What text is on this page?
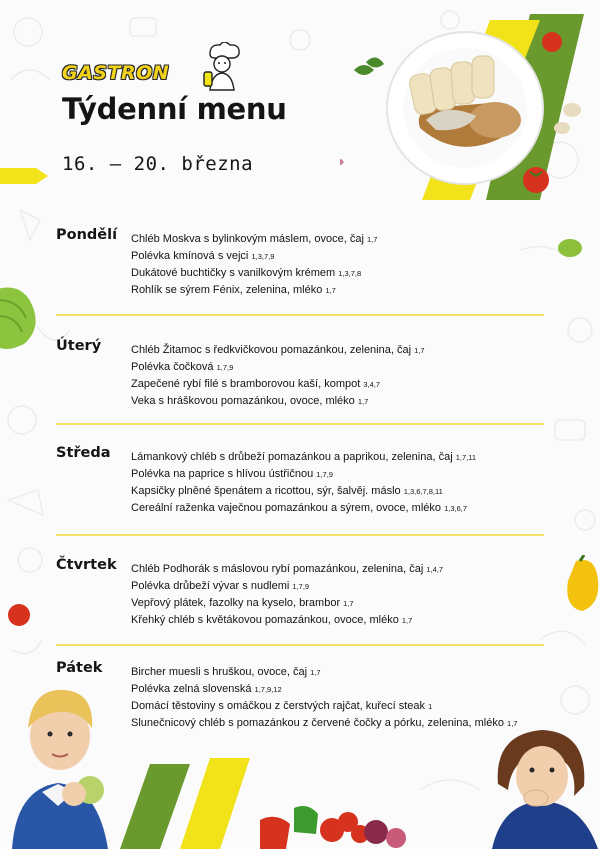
GASTRON
Týdenní menu
16. – 20. března
Pondělí Chléb Moskva s bylinkovým máslem, ovoce, čaj 1,7
Polévka kmínová s vejci 1,3,7,9
Dukátové buchtičky s vanilkovým krémem 1,3,7,8
Rohlík se sýrem Fénix, zelenina, mléko 1,7
Úterý	Chléb Žitamoc s ředkvičkovou pomazánkou, zelenina, čaj 1,7
Polévka čočková 1,7,9
Zapečené rybí filé s bramborovou kaší, kompot 3,4,7
Veka s hráškovou pomazánkou, ovoce, mléko 1,7
Středa Lámankový chléb s drůbeží pomazánkou a paprikou, zelenina, čaj 1,7,11
Polévka na paprice s hlívou ústřičnou 1,7,9
Kapsičky plněné špenátem a ricottou, sýr, šalvěj. máslo 1,3,6,7,8,11
Cereální raženka vaječnou pomazánkou a sýrem, ovoce, mléko 1,3,6,7
Čtvrtek Chléb Podhorák s máslovou rybí pomazánkou, zelenina, čaj 1,4,7
Polévka drůbeží vývar s nudlemi 1,7,9
Vepřový plátek, fazolky na kyselo, brambor 1,7
Křehký chléb s květákovou pomazánkou, ovoce, mléko 1,7
Pátek	Bircher muesli s hruškou, ovoce, čaj 1,7
Polévka zelná slovenská 1,7,9,12
Domácí těstoviny s omáčkou z čerstvých rajčat, kuřecí steak 1
Slunečnicový chléb s pomazánkou z červené čočky a pórku, zelenina, mléko 1,7
